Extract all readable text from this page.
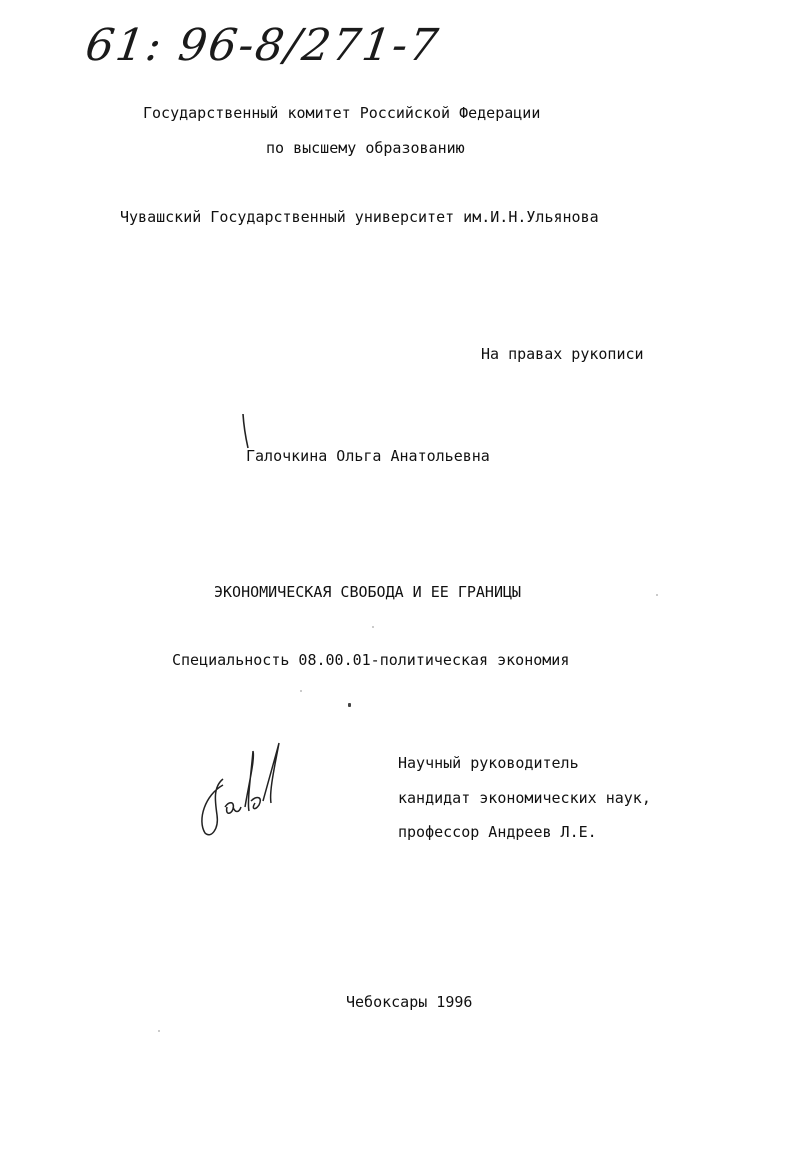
61: 96-8/271-7
Государственный комитет Российской Федерации
по высшему образованию
Чувашский Государственный университет им.И.Н.Ульянова
На правах рукописи
Галочкина Ольга Анатольевна
ЭКОНОМИЧЕСКАЯ СВОБОДА И ЕЕ ГРАНИЦЫ
Специальность 08.00.01-политическая экономия
Научный руководитель
кандидат экономических наук,
профессор Андреев Л.Е.
Чебоксары 1996
